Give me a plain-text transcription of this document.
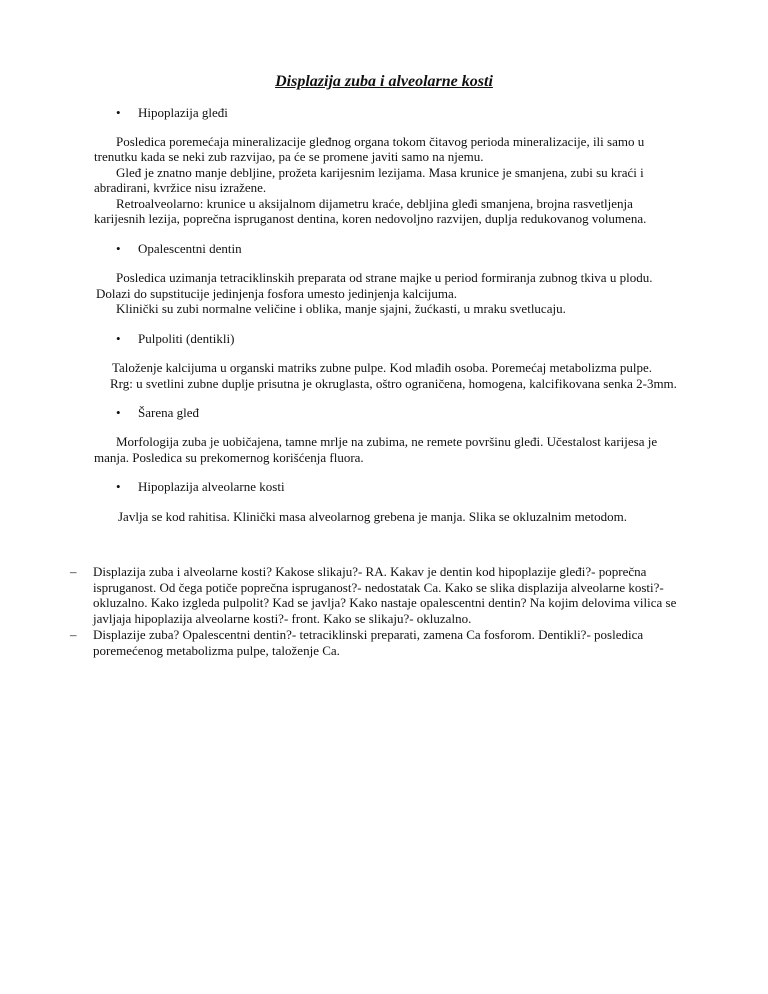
Displazija zuba i alveolarne kosti
• Hipoplazija gleđi
Posledica poremećaja mineralizacije gleđnog organa tokom čitavog perioda mineralizacije, ili samo u
trenutku kada se neki zub razvijao, pa će se promene javiti samo na njemu.
Gleđ je znatno manje debljine, prožeta karijesnim lezijama. Masa krunice je smanjena, zubi su kraći i
abradirani, kvržice nisu izražene.
Retroalveolarno: krunice u aksijalnom dijametru kraće, debljina gleđi smanjena, brojna rasvetljenja
karijesnih lezija, poprečna ispruganost dentina, koren nedovoljno razvijen, duplja redukovanog volumena.
• Opalescentni dentin
Posledica uzimanja tetraciklinskih preparata od strane majke u period formiranja zubnog tkiva u plodu.
Dolazi do supstitucije jedinjenja fosfora umesto jedinjenja kalcijuma.
Klinički su zubi normalne veličine i oblika, manje sjajni, žućkasti, u mraku svetlucaju.
• Pulpoliti (dentikli)
Taloženje kalcijuma u organski matriks zubne pulpe. Kod mlađih osoba. Poremećaj metabolizma pulpe.
Rrg: u svetlini zubne duplje prisutna je okruglasta, oštro ograničena, homogena, kalcifikovana senka 2-3mm.
• Šarena gleđ
Morfologija zuba je uobičajena, tamne mrlje na zubima, ne remete površinu gleđi. Učestalost karijesa je
manja. Posledica su prekomernog korišćenja fluora.
• Hipoplazija alveolarne kosti
Javlja se kod rahitisa. Klinički masa alveolarnog grebena je manja. Slika se okluzalnim metodom.
– Displazija zuba i alveolarne kosti? Kakose slikaju?- RA. Kakav je dentin kod hipoplazije gleđi?- poprečna
ispruganost. Od čega potiče poprečna ispruganost?- nedostatak Ca. Kako se slika displazija alveolarne kosti?-
okluzalno. Kako izgleda pulpolit? Kad se javlja? Kako nastaje opalescentni dentin? Na kojim delovima vilica se
javljaja hipoplazija alveolarne kosti?- front. Kako se slikaju?- okluzalno.
– Displazije zuba? Opalescentni dentin?- tetraciklinski preparati, zamena Ca fosforom. Dentikli?- posledica
poremećenog metabolizma pulpe, taloženje Ca.
